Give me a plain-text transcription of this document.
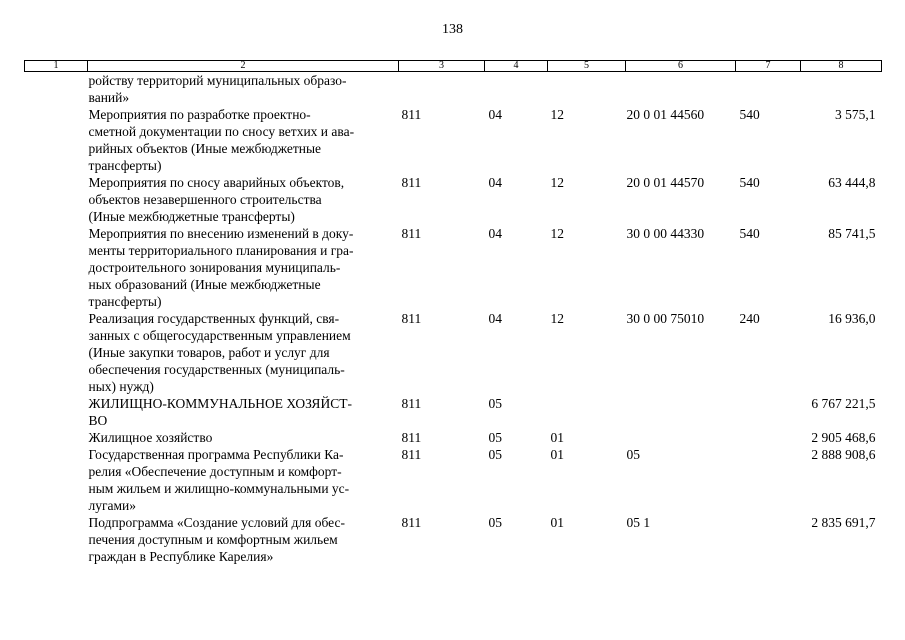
138
1	2	3	4	5	6	7	8
	ройству территорий муниципальных образо-
ваний»						
	Мероприятия по разработке проектно-
сметной документации по сносу ветхих и ава-
рийных объектов (Иные межбюджетные
трансферты)	811	04	12	20 0 01 44560	540	3 575,1
	Мероприятия по сносу аварийных объектов,
объектов незавершенного строительства
(Иные межбюджетные трансферты)	811	04	12	20 0 01 44570	540	63 444,8
	Мероприятия по внесению изменений в доку-
менты территориального планирования и гра-
достроительного зонирования муниципаль-
ных образований (Иные межбюджетные
трансферты)	811	04	12	30 0 00 44330	540	85 741,5
	Реализация государственных функций, свя-
занных с общегосударственным управлением
(Иные закупки товаров, работ и услуг для
обеспечения государственных (муниципаль-
ных) нужд)	811	04	12	30 0 00 75010	240	16 936,0
	ЖИЛИЩНО-КОММУНАЛЬНОЕ ХОЗЯЙСТ-
ВО	811	05				6 767 221,5
	Жилищное хозяйство	811	05	01			2 905 468,6
	Государственная программа Республики Ка-
релия «Обеспечение доступным и комфорт-
ным жильем и жилищно-коммунальными ус-
лугами»	811	05	01	05		2 888 908,6
	Подпрограмма «Создание условий для обес-
печения доступным и комфортным жильем
граждан в Республике Карелия»	811	05	01	05 1		2 835 691,7
